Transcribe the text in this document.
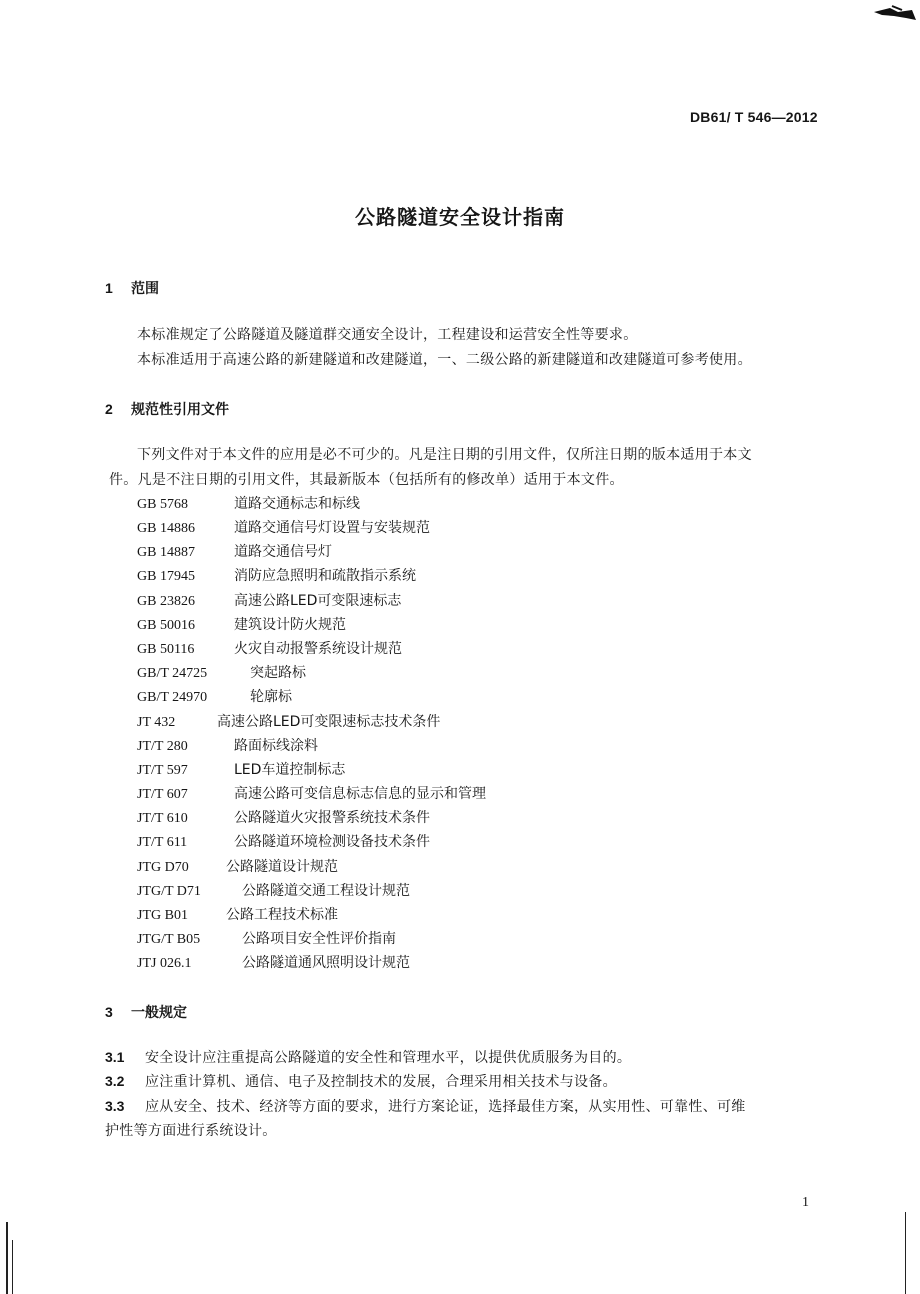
DB61/ T 546—2012
公路隧道安全设计指南
1 范围
本标准规定了公路隧道及隧道群交通安全设计，工程建设和运营安全性等要求。
本标准适用于高速公路的新建隧道和改建隧道，一、二级公路的新建隧道和改建隧道可参考使用。
2 规范性引用文件
下列文件对于本文件的应用是必不可少的。凡是注日期的引用文件，仅所注日期的版本适用于本文
件。凡是不注日期的引用文件，其最新版本（包括所有的修改单）适用于本文件。
GB 5768	道路交通标志和标线
GB 14886	道路交通信号灯设置与安装规范
GB 14887	道路交通信号灯
GB 17945	消防应急照明和疏散指示系统
GB 23826	高速公路LED可变限速标志
GB 50016	建筑设计防火规范
GB 50116	火灾自动报警系统设计规范
GB/T 24725	突起路标
GB/T 24970	轮廓标
JT 432	高速公路LED可变限速标志技术条件
JT/T 280	路面标线涂料
JT/T 597	LED车道控制标志
JT/T 607	高速公路可变信息标志信息的显示和管理
JT/T 610	公路隧道火灾报警系统技术条件
JT/T 611	公路隧道环境检测设备技术条件
JTG D70	公路隧道设计规范
JTG/T D71	公路隧道交通工程设计规范
JTG B01	公路工程技术标准
JTG/T B05	公路项目安全性评价指南
JTJ 026.1	公路隧道通风照明设计规范
3 一般规定
3.1 安全设计应注重提高公路隧道的安全性和管理水平，以提供优质服务为目的。
3.2 应注重计算机、通信、电子及控制技术的发展，合理采用相关技术与设备。
3.3 应从安全、技术、经济等方面的要求，进行方案论证，选择最佳方案，从实用性、可靠性、可维
护性等方面进行系统设计。
1
